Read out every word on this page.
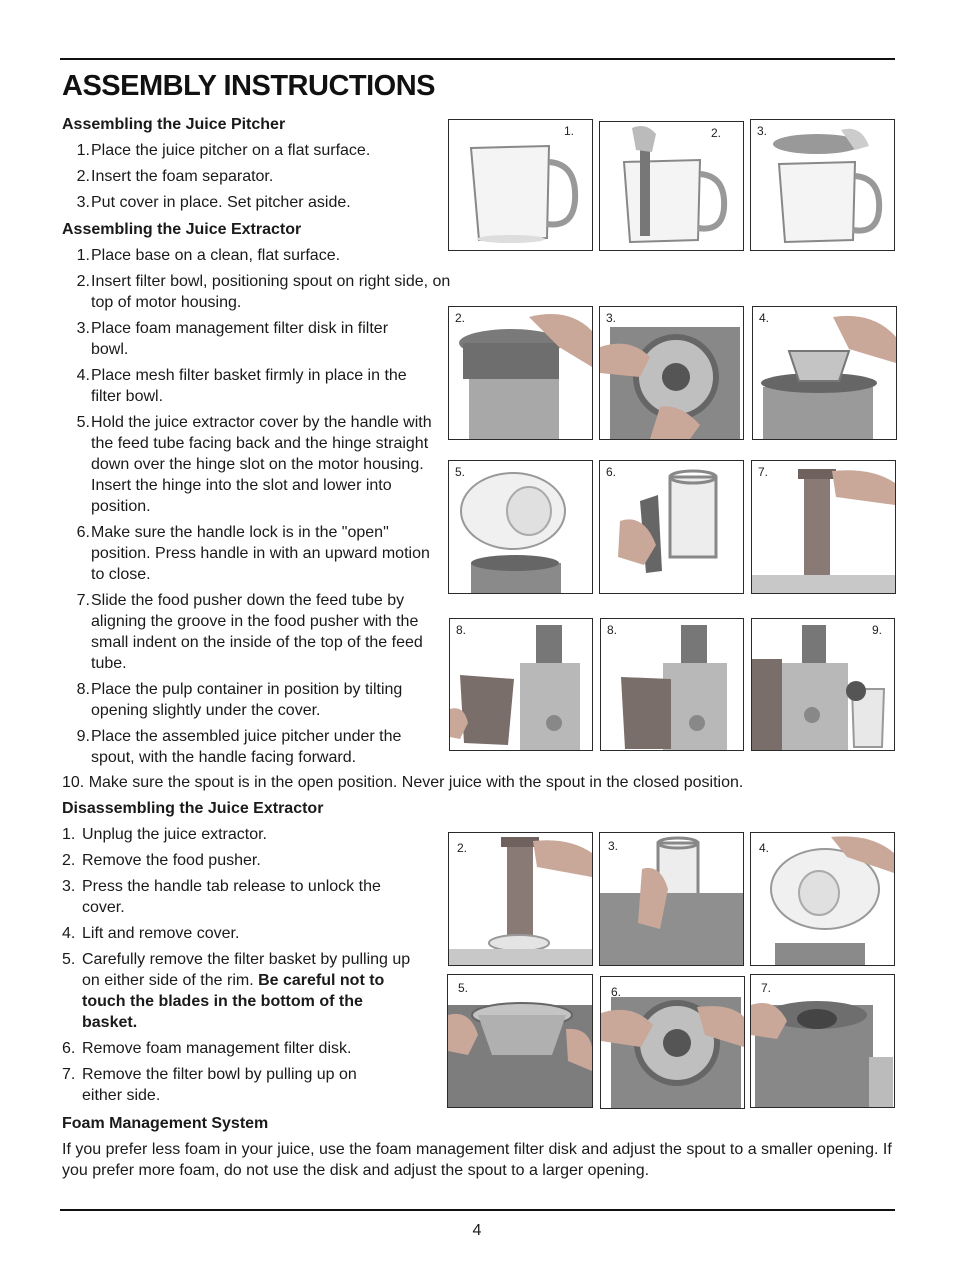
ASSEMBLY INSTRUCTIONS

Assembling the Juice Pitcher

1. Place the juice pitcher on a flat surface.
2. Insert the foam separator.
3. Put cover in place. Set pitcher aside.

Assembling the Juice Extractor

1. Place base on a clean, flat surface.
2. Insert filter bowl, positioning spout on right side, on top of motor housing.
3. Place foam management filter disk in filter bowl.
4. Place mesh filter basket firmly in place in the filter bowl.
5. Hold the juice extractor cover by the handle with the feed tube facing back and the hinge straight down over the hinge slot on the motor housing. Insert the hinge into the slot and lower into position.
6. Make sure the handle lock is in the "open" position. Press handle in with an upward motion to close.
7. Slide the food pusher down the feed tube by aligning the groove in the food pusher with the small indent on the inside of the top of the feed tube.
8. Place the pulp container in position by tilting opening slightly under the cover.
9. Place the assembled juice pitcher under the spout, with the handle facing forward.
10. Make sure the spout is in the open position. Never juice with the spout in the closed position.

Disassembling the Juice Extractor

1. Unplug the juice extractor.
2. Remove the food pusher.
3. Press the handle tab release to unlock the cover.
4. Lift and remove cover.
5. Carefully remove the filter basket by pulling up on either side of the rim. Be careful not to touch the blades in the bottom of the basket.
6. Remove foam management filter disk.
7. Remove the filter bowl by pulling up on either side.

Foam Management System

If you prefer less foam in your juice, use the foam management filter disk and adjust the spout to a smaller opening. If you prefer more foam, do not use the disk and adjust the spout to a larger opening.

1.	2.	3.
2.	3.	4.
5.	6.	7.
8.	8.	9.
2.	3.	4.
5.	6.	7.
4
